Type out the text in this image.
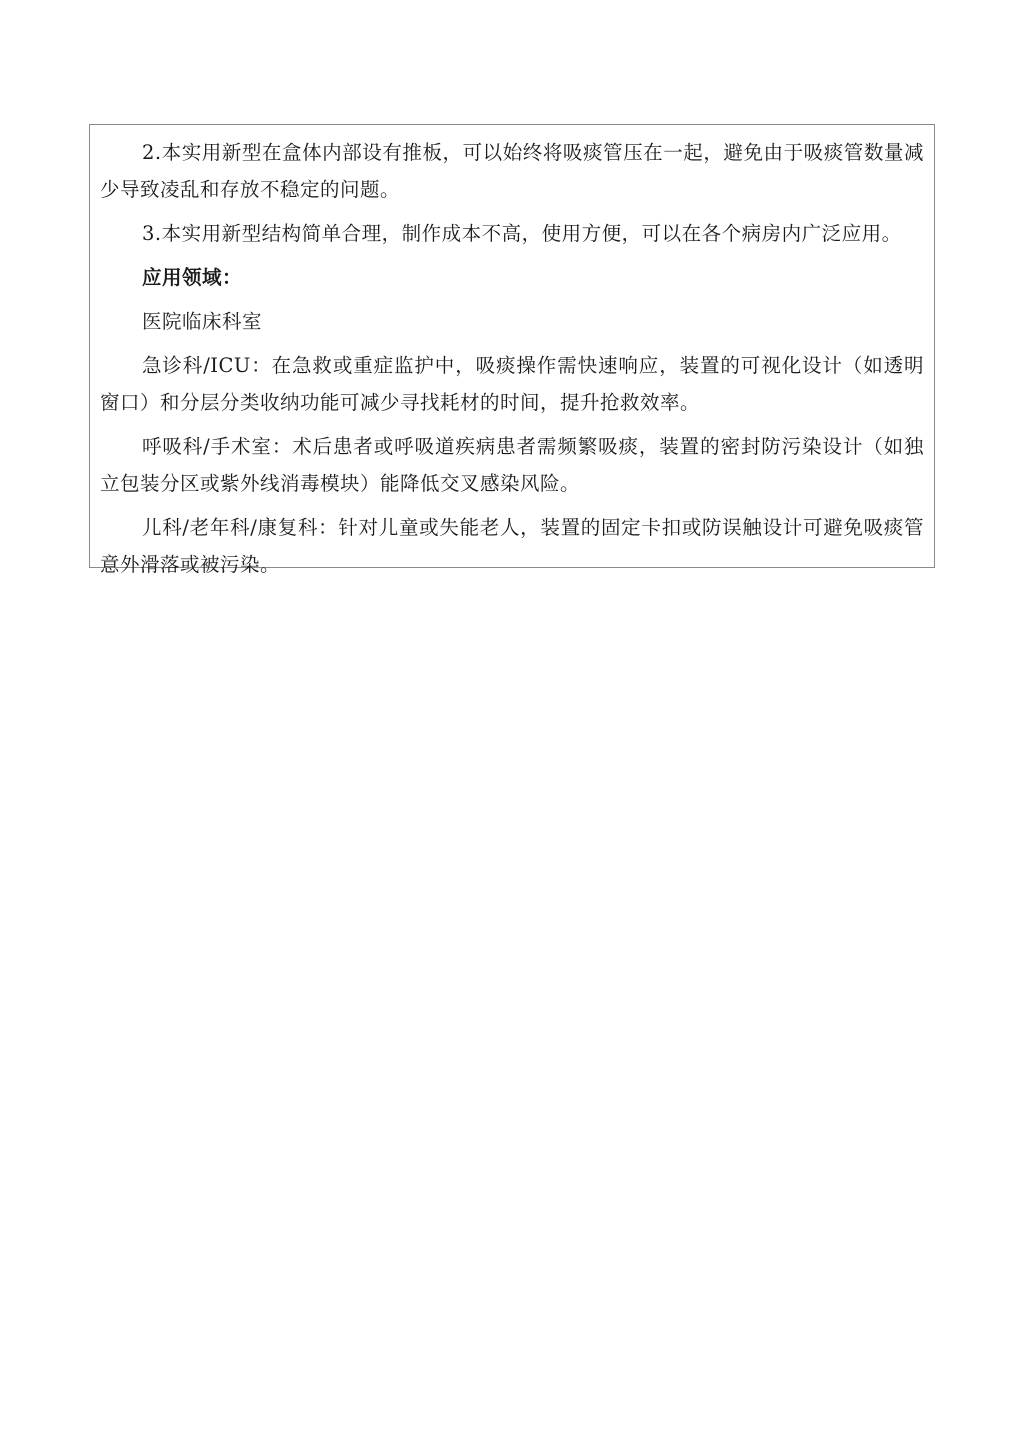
2.本实用新型在盒体内部设有推板，可以始终将吸痰管压在一起，避免由于吸痰管数量减少导致凌乱和存放不稳定的问题。

3.本实用新型结构简单合理，制作成本不高，使用方便，可以在各个病房内广泛应用。

应用领域：

医院临床科室

急诊科/ICU：在急救或重症监护中，吸痰操作需快速响应，装置的可视化设计（如透明窗口）和分层分类收纳功能可减少寻找耗材的时间，提升抢救效率。

呼吸科/手术室：术后患者或呼吸道疾病患者需频繁吸痰，装置的密封防污染设计（如独立包装分区或紫外线消毒模块）能降低交叉感染风险。

儿科/老年科/康复科：针对儿童或失能老人，装置的固定卡扣或防误触设计可避免吸痰管意外滑落或被污染。
